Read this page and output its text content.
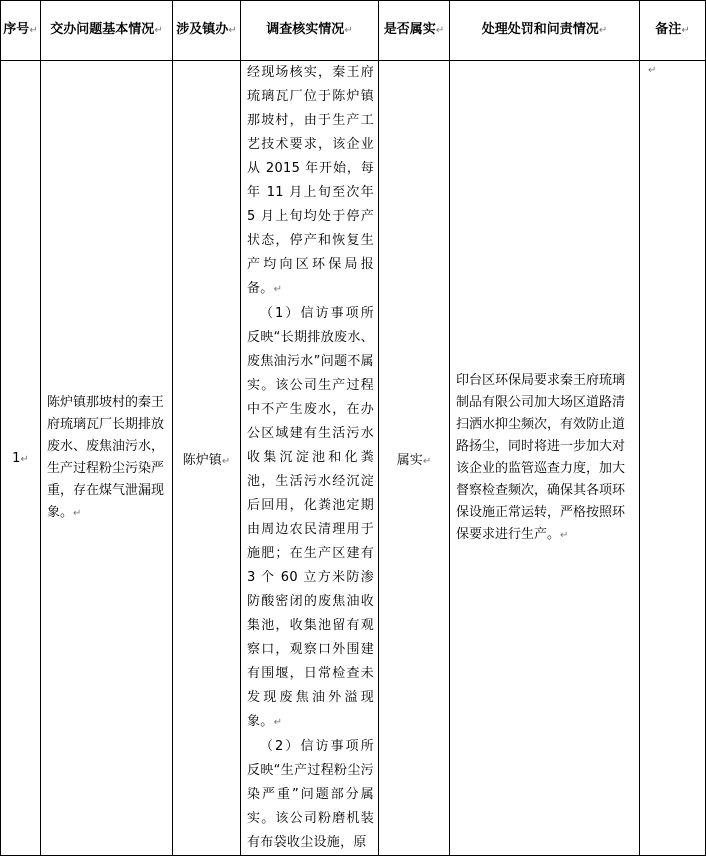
序号↵	交办问题基本情况↵	涉及镇办↵	调查核实情况↵	是否属实↵	处理处罚和问责情况↵	备注↵
1↵	陈炉镇那坡村的秦王府琉璃瓦厂长期排放废水、废焦油污水，生产过程粉尘污染严重，存在煤气泄漏现象。↵	陈炉镇↵	经现场核实，秦王府琉璃瓦厂位于陈炉镇那坡村，由于生产工艺技术要求，该企业从 2015 年开始，每年 11 月上旬至次年 5 月上旬均处于停产状态，停产和恢复生产均向区环保局报备。↵

（1）信访事项所反映“长期排放废水、废焦油污水”问题不属实。该公司生产过程中不产生废水，在办公区域建有生活污水收集沉淀池和化粪池，生活污水经沉淀后回用，化粪池定期由周边农民清理用于施肥；在生产区建有 3 个 60 立方米防渗防酸密闭的废焦油收集池，收集池留有观察口，观察口外围建有围堰，日常检查未发现废焦油外溢现象。↵

（2）信访事项所反映“生产过程粉尘污染严重”问题部分属实。该公司粉磨机装有布袋收尘设施，原	属实↵	印台区环保局要求秦王府琉璃制品有限公司加大场区道路清扫洒水抑尘频次，有效防止道路扬尘，同时将进一步加大对该企业的监管巡查力度，加大督察检查频次，确保其各项环保设施正常运转，严格按照环保要求进行生产。↵	↵
